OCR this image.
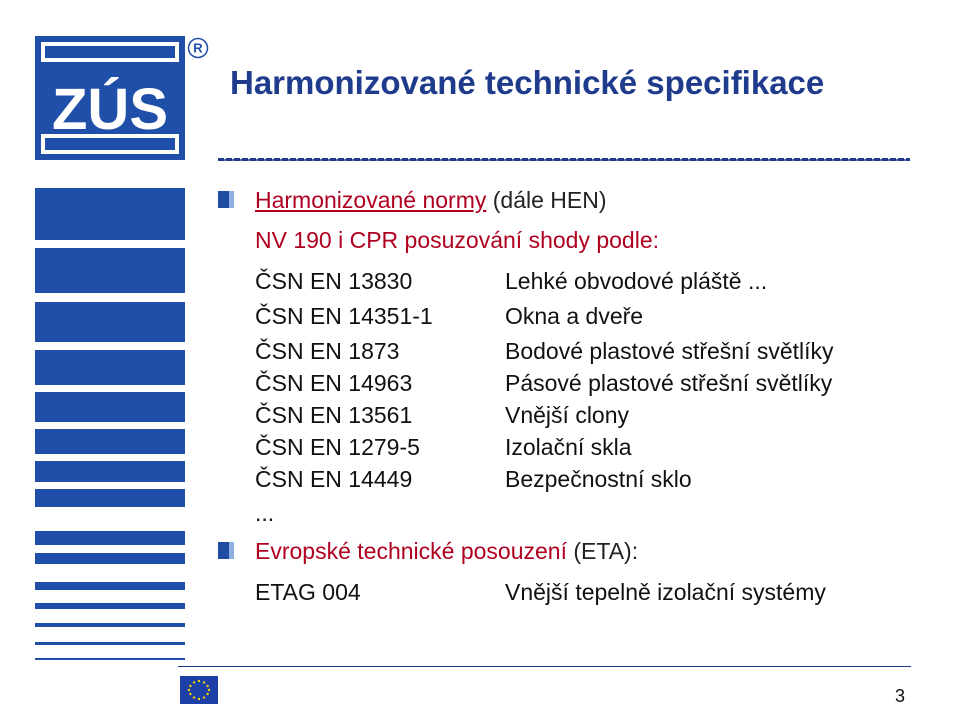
ZÚS
R
Harmonizované technické specifikace
Harmonizované normy (dále HEN)
NV 190 i CPR posuzování shody podle:
ČSN EN 13830	Lehké obvodové pláště ...
ČSN EN 14351-1	Okna a dveře
ČSN EN 1873	Bodové plastové střešní světlíky
ČSN EN 14963	Pásové plastové střešní světlíky
ČSN EN 13561	Vnější clony
ČSN EN 1279-5	Izolační skla
ČSN EN 14449	Bezpečnostní sklo
...
Evropské technické posouzení (ETA):
ETAG 004	Vnější tepelně izolační systémy
3
